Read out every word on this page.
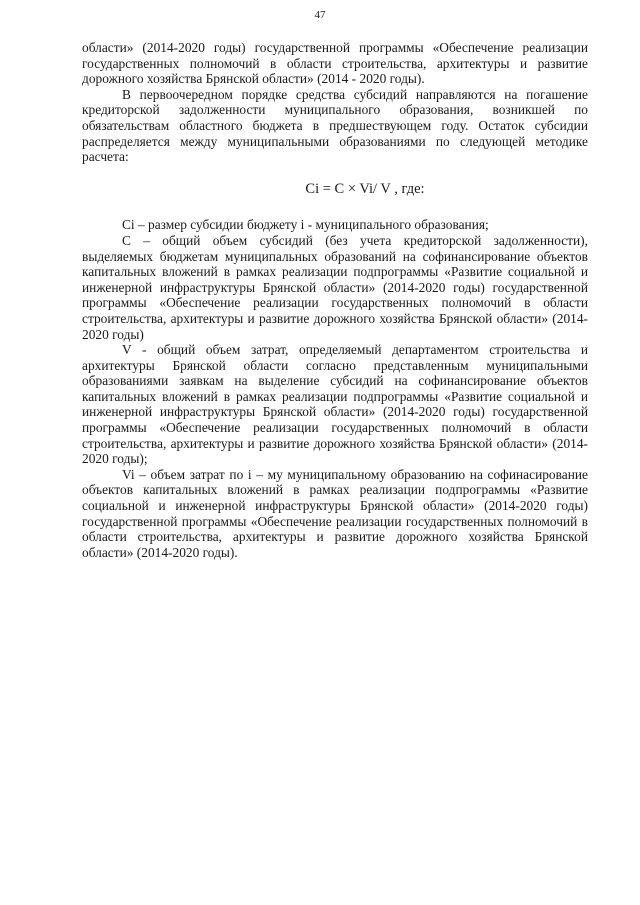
47

области» (2014-2020 годы) государственной программы «Обеспечение реализации государственных полномочий в области строительства, архитектуры и развитие дорожного хозяйства Брянской области» (2014 - 2020 годы).

В первоочередном порядке средства субсидий направляются на погашение кредиторской задолженности муниципального образования, возникшей по обязательствам областного бюджета в предшествующем году. Остаток субсидии распределяется между муниципальными образованиями по следующей методике расчета:

Ci = C × Vi/ V , где:

Ci – размер субсидии бюджету i - муниципального образования;

С – общий объем субсидий (без учета кредиторской задолженности), выделяемых бюджетам муниципальных образований на софинансирование объектов капитальных вложений в рамках реализации подпрограммы «Развитие социальной и инженерной инфраструктуры Брянской области» (2014-2020 годы) государственной программы «Обеспечение реализации государственных полномочий в области строительства, архитектуры и развитие дорожного хозяйства Брянской области» (2014-2020 годы)

V - общий объем затрат, определяемый департаментом строительства и архитектуры Брянской области согласно представленным муниципальными образованиями заявкам на выделение субсидий на софинансирование объектов капитальных вложений в рамках реализации подпрограммы «Развитие социальной и инженерной инфраструктуры Брянской области» (2014-2020 годы) государственной программы «Обеспечение реализации государственных полномочий в области строительства, архитектуры и развитие дорожного хозяйства Брянской области» (2014-2020 годы);

Vi – объем затрат по i – му муниципальному образованию на софинасирование объектов капитальных вложений в рамках реализации подпрограммы «Развитие социальной и инженерной инфраструктуры Брянской области» (2014-2020 годы) государственной программы «Обеспечение реализации государственных полномочий в области строительства, архитектуры и развитие дорожного хозяйства Брянской области» (2014-2020 годы).
